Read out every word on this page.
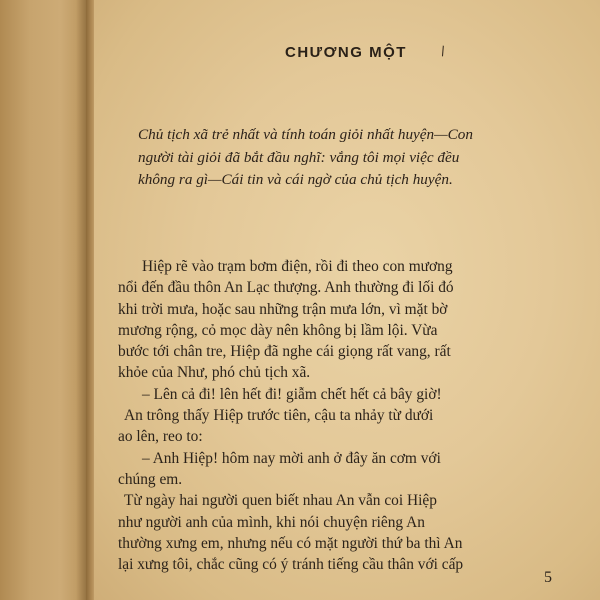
CHƯƠNG MỘT \
Chủ tịch xã trẻ nhất và tính toán giỏi nhất huyện—Con
người tài giỏi đã bắt đầu nghĩ: vắng tôi mọi việc đều
không ra gì—Cái tin và cái ngờ của chủ tịch huyện.
Hiệp rẽ vào trạm bơm điện, rồi đi theo con mương
nổi đến đầu thôn An Lạc thượng. Anh thường đi lối đó
khi trời mưa, hoặc sau những trận mưa lớn, vì mặt bờ
mương rộng, cỏ mọc dày nên không bị lầm lội. Vừa
bước tới chân tre, Hiệp đã nghe cái giọng rất vang, rất
khỏe của Như, phó chủ tịch xã.
– Lên cả đi! lên hết đi! giẫm chết hết cả bây giờ!
An trông thấy Hiệp trước tiên, cậu ta nhảy từ dưới
ao lên, reo to:
– Anh Hiệp! hôm nay mời anh ở đây ăn cơm với
chúng em.
Từ ngày hai người quen biết nhau An vẫn coi Hiệp
như người anh của mình, khi nói chuyện riêng An
thường xưng em, nhưng nếu có mặt người thứ ba thì An
lại xưng tôi, chắc cũng có ý tránh tiếng cầu thân với cấp
5
